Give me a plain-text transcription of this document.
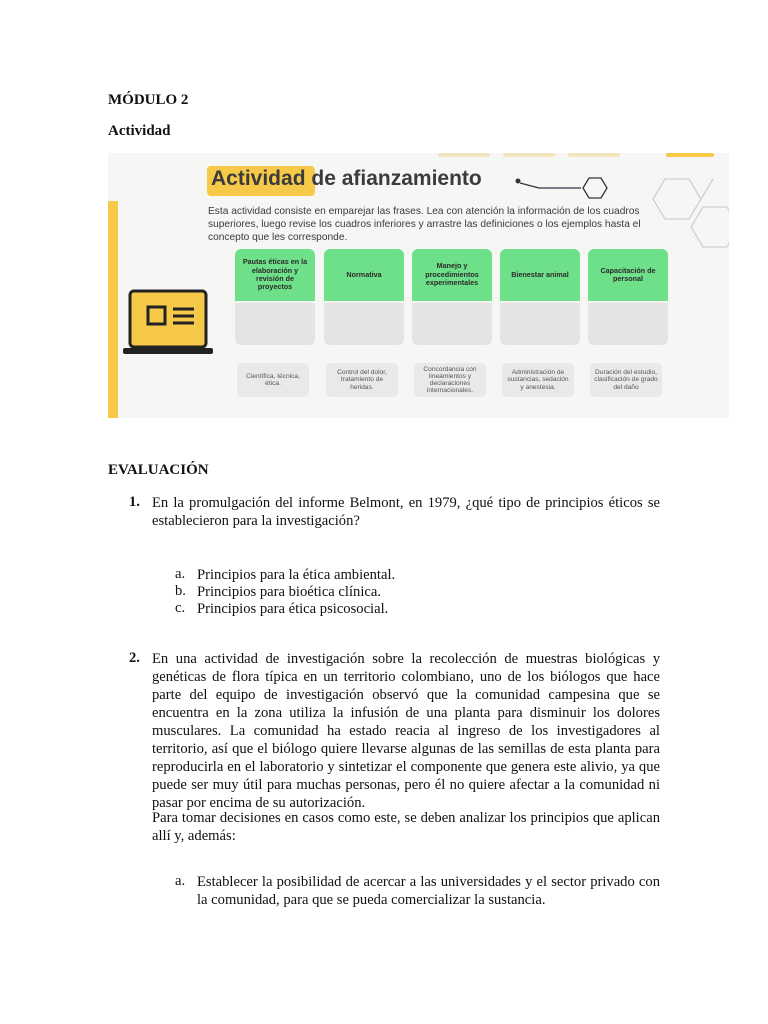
MÓDULO 2
Actividad
Actividad de afianzamiento
Esta actividad consiste en emparejar las frases. Lea con atención la información de los cuadros superiores, luego revise los cuadros inferiores y arrastre las definiciones o los ejemplos hasta el concepto que les corresponde.
Pautas éticas en la elaboración y revisión de proyectos
Normativa
Manejo y procedimientos experimentales
Bienestar animal	Capacitación de personal
Científica, técnica, ética.
Control del dolor, tratamiento de heridas.
Concordancia con lineamientos y declaraciones internacionales.
Administración de sustancias, sedación y anestesia.
Duración del estudio, clasificación de grado del daño
EVALUACIÓN
1. En la promulgación del informe Belmont, en 1979, ¿qué tipo de principios éticos se establecieron para la investigación?
a. Principios para la ética ambiental.
b. Principios para bioética clínica.
c. Principios para ética psicosocial.
2. En una actividad de investigación sobre la recolección de muestras biológicas y genéticas de flora típica en un territorio colombiano, uno de los biólogos que hace parte del equipo de investigación observó que la comunidad campesina que se encuentra en la zona utiliza la infusión de una planta para disminuir los dolores musculares. La comunidad ha estado reacia al ingreso de los investigadores al territorio, así que el biólogo quiere llevarse algunas de las semillas de esta planta para reproducirla en el laboratorio y sintetizar el componente que genera este alivio, ya que puede ser muy útil para muchas personas, pero él no quiere afectar a la comunidad ni pasar por encima de su autorización.
Para tomar decisiones en casos como este, se deben analizar los principios que aplican allí y, además:
a. Establecer la posibilidad de acercar a las universidades y el sector privado con la comunidad, para que se pueda comercializar la sustancia.
